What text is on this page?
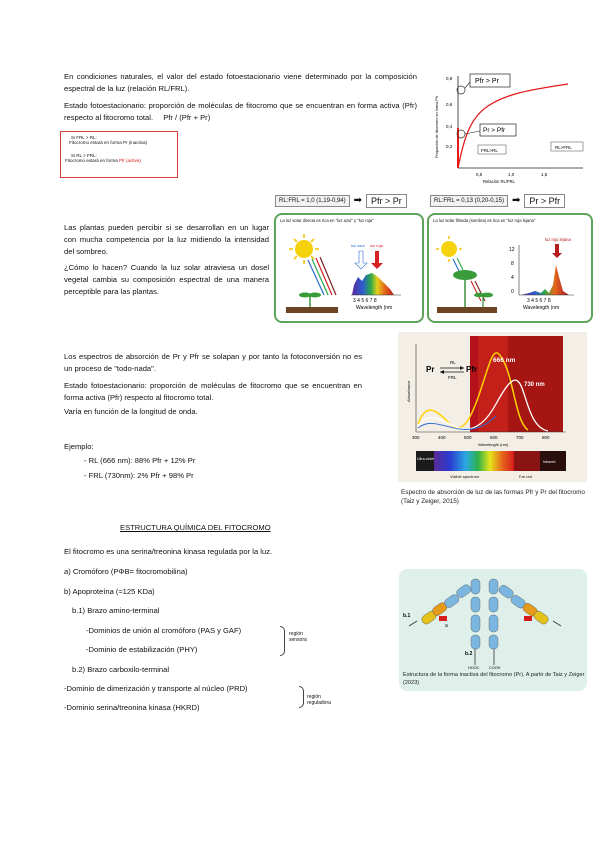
En condiciones naturales, el valor del estado fotoestacionario viene determinado por la composición espectral de la luz (relación RL/FRL).
Estado fotoestacionario: proporción de moléculas de fitocromo que se encuentran en forma activa (Pfr) respecto al fitocromo total. Pfr / (Pfr + Pr)
Si FRL > RL:
Fitocromo estará en forma Pr (inactiva)
Si RL > FRL:
Fitocromo estará en forma Pfr (activa)
0,8
0,6
0,4
0,2
0,5	1,0	1,5
Relación RL/FRL
Proporción de fitocromo en forma Pfr
Pfr > Pr
Pr > Pfr
FRL>RL
RL>FRL
Las plantas pueden percibir si se desarrollan en un lugar con mucha competencia por la luz midiendo la intensidad del sombreo.
¿Cómo lo hacen? Cuando la luz solar atraviesa un dosel vegetal cambia su composición espectral de una manera perceptible para las plantas.
RL:FRL = 1,0 (1,19-0,94) ➡	Pfr > Pr	RL:FRL = 0,13 (0,20-0,15) ➡	Pr > Pfr
La luz solar directa es rica en "luz azul" y "luz roja"
luz azul luz roja
3 4 5 6 7 8
Wavelength (nm
La luz solar filtrada (sombra) es rica en "luz roja lejana"
luz roja lejana
12
8
4
0
3 4 5 6 7 8
Wavelength (nm
Los espectros de absorción de Pr y Pfr se solapan y por tanto la fotoconversión no es un proceso de "todo-nada".
Estado fotoestacionario: proporción de moléculas de fitocromo que se encuentran en forma activa (Pfr) respecto al fitocromo total.
Varía en función de la longitud de onda.
Ejemplo:
- RL (666 nm): 88% Pfr + 12% Pr
- FRL (730nm): 2% Pfr + 98% Pr
Absorbance
300	400	500	600	700	800
Wavelength (nm)
666 nm
730 nm
Pr	Pfr
RL
FRL
Ultra-violet
Visible spectrum	Far red
Infrared
Espectro de absorción de luz de las formas Pfr y Pr del fitocromo (Taiz y Zeiger, 2015)
ESTRUCTURA QUÍMICA DEL FITOCROMO
El fitocromo es una serina/treonina kinasa regulada por la luz.
a) Cromóforo (PΦB= fitocromobilina)
b) Apoproteína (≈125 KDa)
b.1) Brazo amino-terminal
-Dominios de unión al cromóforo (PAS y GAF)
-Dominio de estabilización (PHY)
región sensora
b.2) Brazo carboxilo-terminal
-Dominio de dimerización y transporte al núcleo (PRD)
-Dominio serina/treonina kinasa (HKRD)
región reguladora
b.1
a
b.2
HOOC	COOH
Estructura de la forma inactiva del fitocromo (Pr). A partir de Taiz y Zeiger (2023)
